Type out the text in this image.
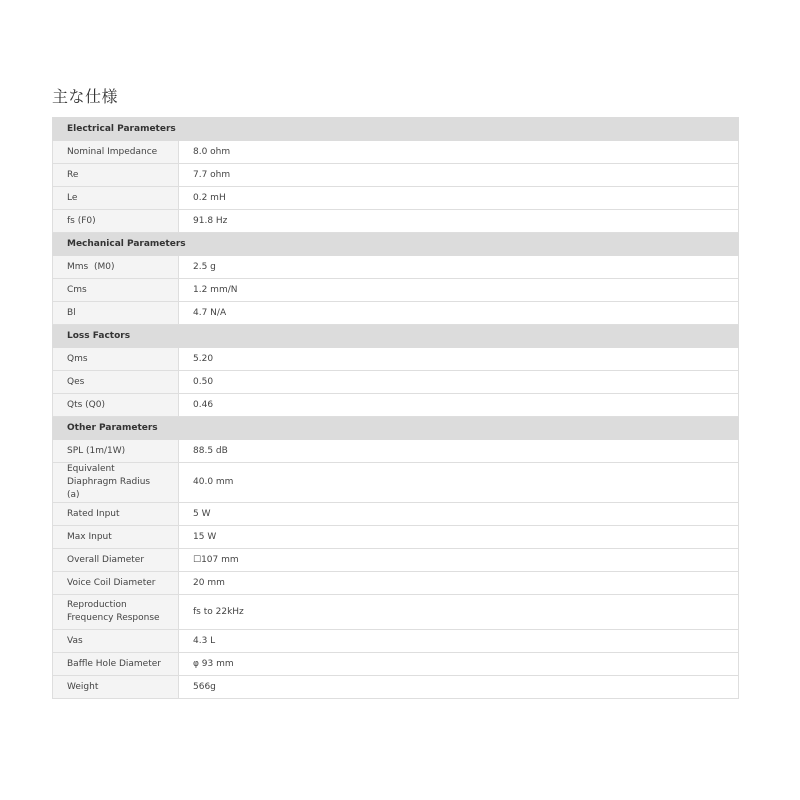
主な仕様
Electrical Parameters	
Nominal Impedance	8.0 ohm
Re	7.7 ohm
Le	0.2 mH
fs (F0)	91.8 Hz
Mechanical Parameters	
Mms  (M0)	2.5 g
Cms	1.2 mm/N
Bl	4.7 N/A
Loss Factors	
Qms	5.20
Qes	0.50
Qts (Q0)	0.46
Other Parameters	
SPL (1m/1W)	88.5 dB
Equivalent Diaphragm Radius (a)	40.0 mm
Rated Input	5 W
Max Input	15 W
Overall Diameter	☐107 mm
Voice Coil Diameter	20 mm
Reproduction Frequency Response	fs to 22kHz
Vas	4.3 L
Baffle Hole Diameter	φ 93 mm
Weight	566g
